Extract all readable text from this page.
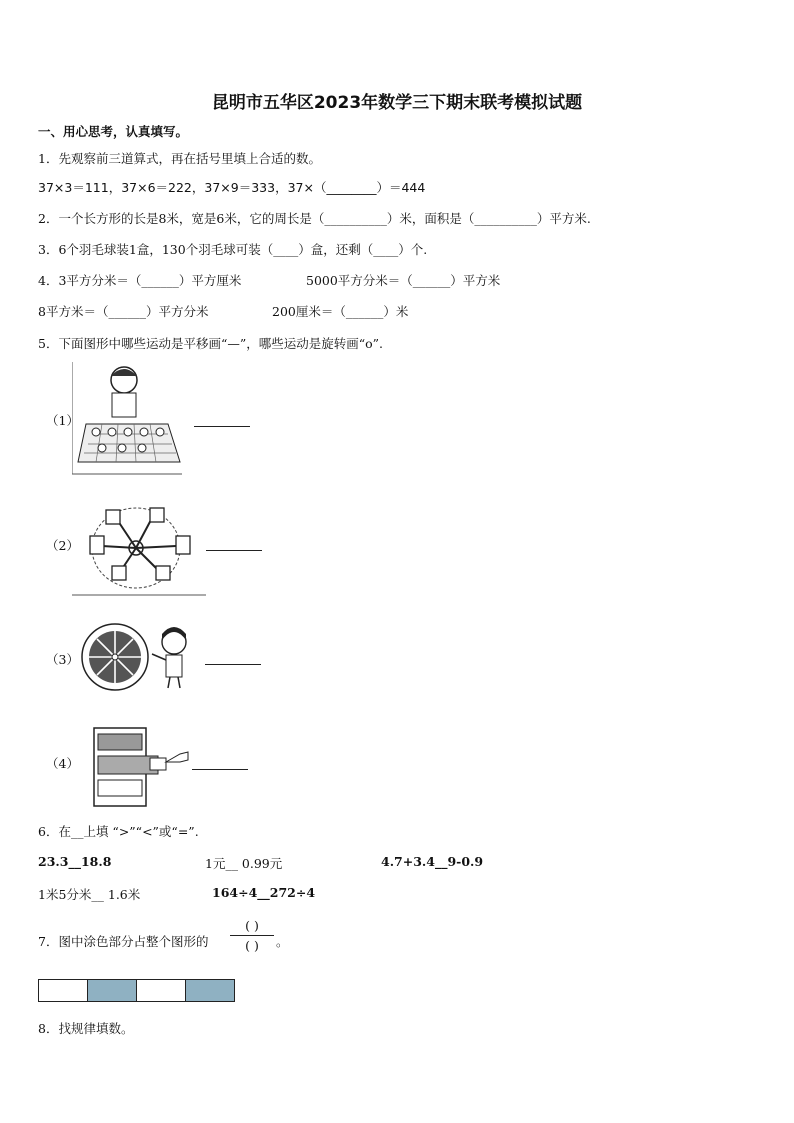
昆明市五华区2023年数学三下期末联考模拟试题
一、用心思考，认真填写。
1．先观察前三道算式，再在括号里填上合适的数。
37×3＝111，37×6＝222，37×9＝333，37×（________）＝444
2．一个长方形的长是8米，宽是6米，它的周长是（__________）米，面积是（__________）平方米.
3．6个羽毛球装1盒，130个羽毛球可装（____）盒，还剩（____）个.
4．3平方分米＝（______）平方厘米	5000平方分米＝（______）平方米
8平方米＝（______）平方分米	200厘米＝（______）米
5．下面图形中哪些运动是平移画“—”，哪些运动是旋转画“o”.
（1）
（2）
（3）
（4）
6．在__上填 “>”“<”或“=”.
23.3__18.8	1元__ 0.99元	4.7+3.4__9-0.9
1米5分米__ 1.6米	164÷4__272÷4
7．图中涂色部分占整个图形的
( )
( )	。
8．找规律填数。
